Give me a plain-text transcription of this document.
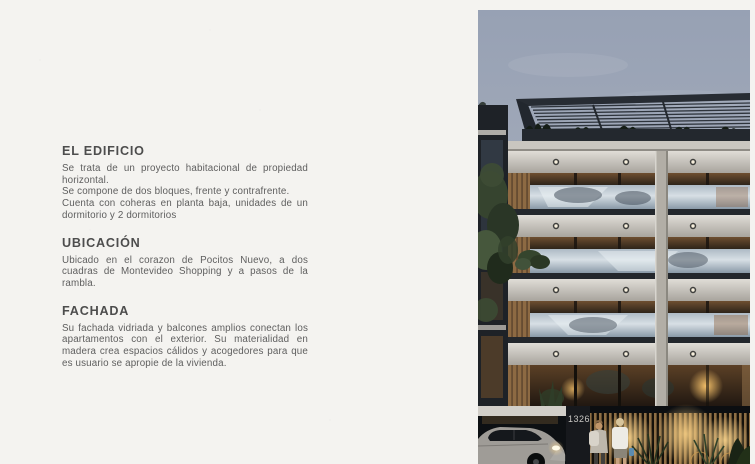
EL EDIFICIO

Se trata de un proyecto habitacional de propiedad horizontal.

Se compone de dos bloques, frente y contrafrente.

Cuenta con coheras en planta baja, unidades de un dormitorio y 2 dormitorios

UBICACIÓN

Ubicado en el corazon de Pocitos Nuevo, a dos cuadras de Montevideo Shopping y a pasos de la rambla.

FACHADA

Su fachada vidriada y balcones amplios conectan los apartamentos con el exterior. Su materialidad en madera crea espacios cálidos y acogedores para que es usuario se apropie de la vivienda.

1326
